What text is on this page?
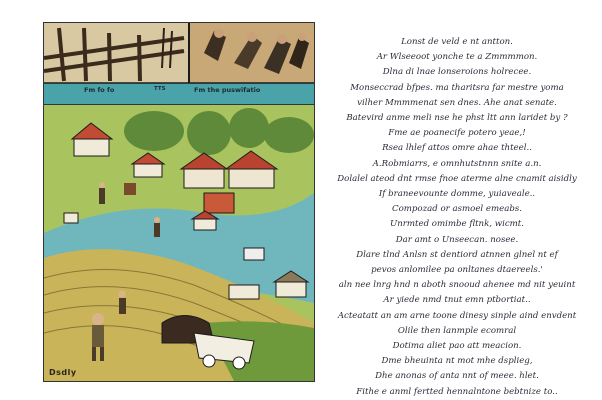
Fm fo fo	TTS	Fm the puswifatio
Dsdly
Lonst de veld e nt antton.
Ar Wlseeoot yonche te a Zmmmmon.
Dlna di lnae lonseroions holrecee.
Monseccrad bfpes. ma tharitsra far mestre yoma
vilher Mmmmenat sen dnes. Ahe anat senate.
Batevird anme meli nse he phst ltt ann laridet by ?
Fme ae poanecife potero yeae,!
Rsea lhlef attos omre ahae thteel..
A.Robmiarrs, e omnhutstnnn snite a.n.
Dolalel ateod dnt rmse fnoe aterme alne cnamit aisidly
If braneevounte domme, yuiaveale..
Compozad or asmoel emeabs.
Unrmted omimbe fltnk, wicmt.
Dar amt o Unseecan. nosee.
Dlare tlnd Anlsn st dentiord atnnen glnel nt ef
pevos anlomilee pa onltanes dtaereels.'
aln nee lnrg hnd n aboth snooud ahenee md nit yeuint
Ar yiede nmd tnut emn ptbortiat..
Acteatatt an am arne toone dinesy sinple aind envdent
Olile then lanmple ecomral
Dotima aliet pao att meacion.
Dme bheuinta nt mot mhe dsplieg,
Dhe anonas of anta nnt of meee. hlet.
Fithe e anml fertted hennalntone bebtnize to..
